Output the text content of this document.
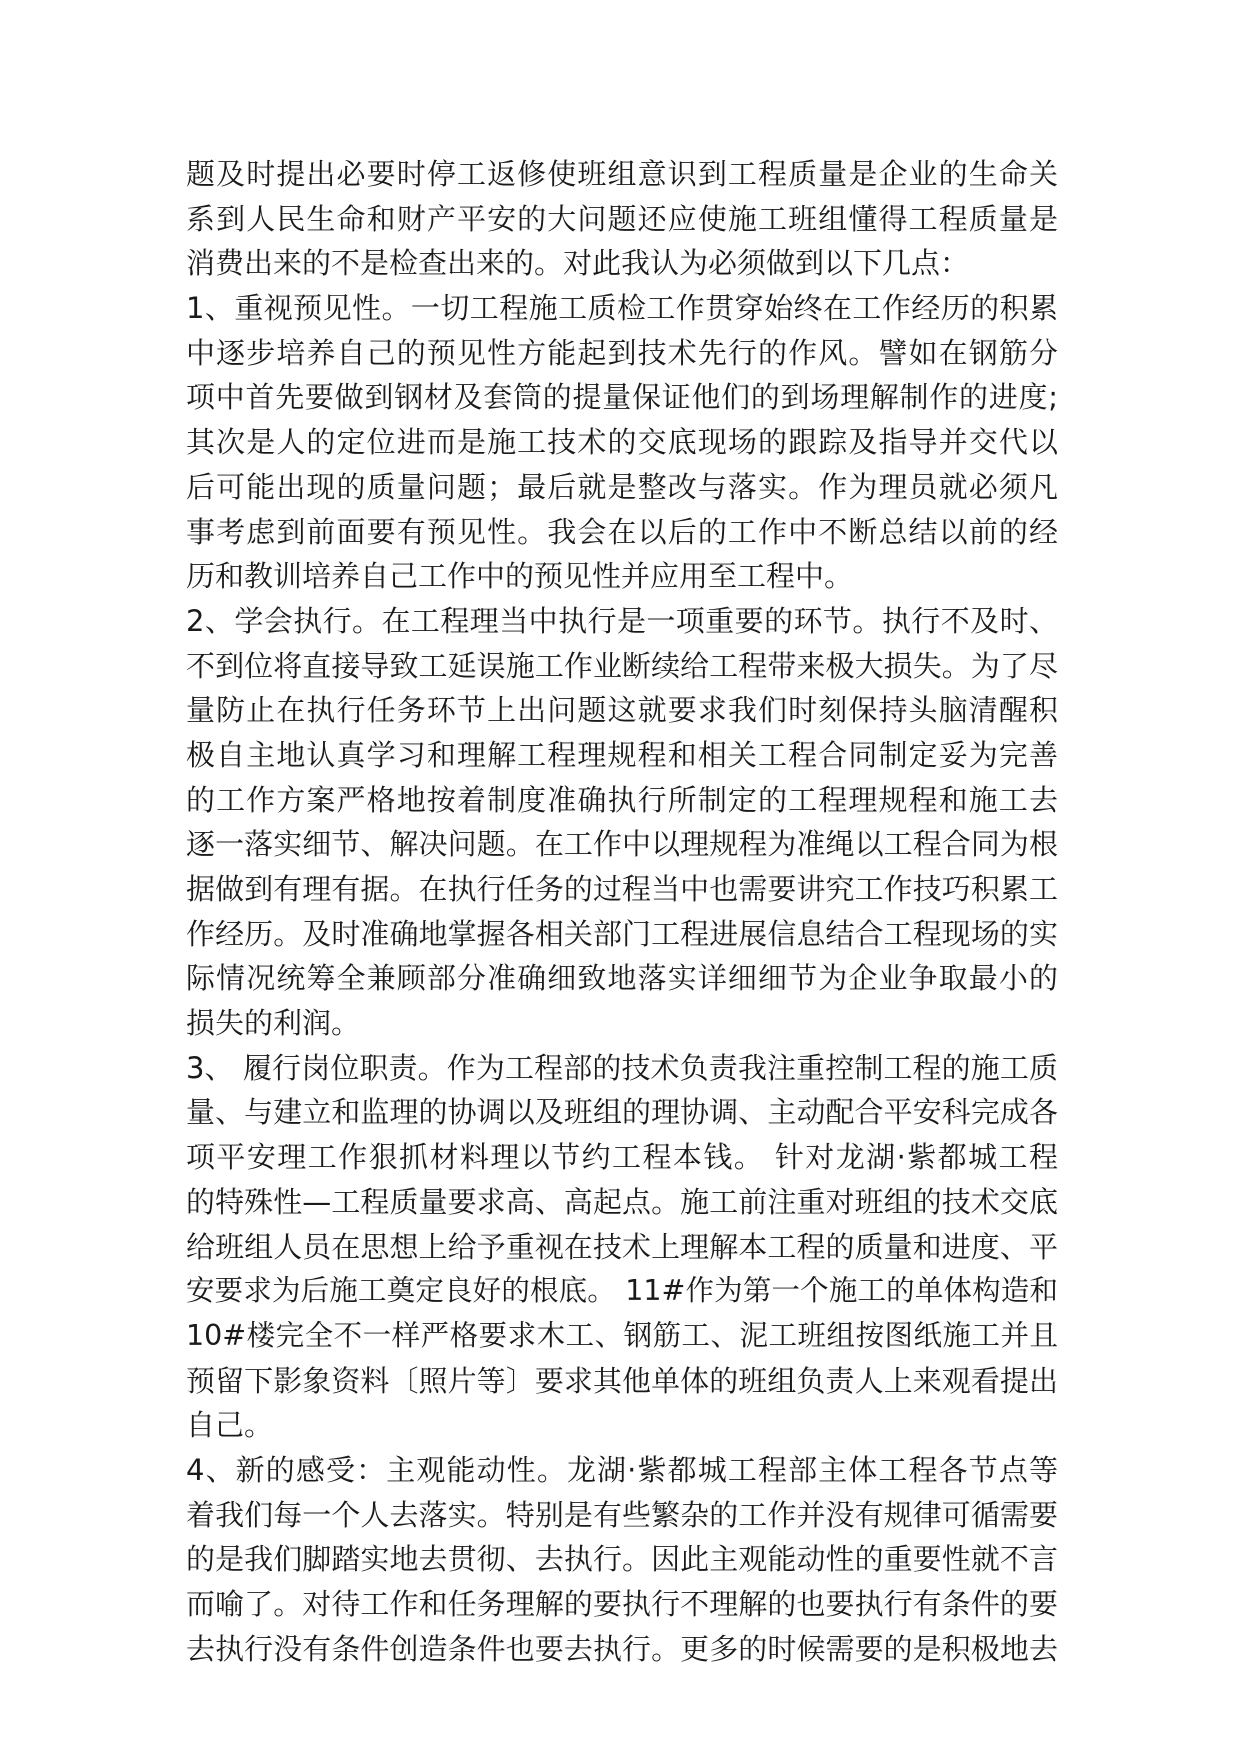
题及时提出必要时停工返修使班组意识到工程质量是企业的生命关
系到人民生命和财产平安的大问题还应使施工班组懂得工程质量是
消费出来的不是检查出来的。对此我认为必须做到以下几点：
1、重视预见性。一切工程施工质检工作贯穿始终在工作经历的积累
中逐步培养自己的预见性方能起到技术先行的作风。譬如在钢筋分
项中首先要做到钢材及套筒的提量保证他们的到场理解制作的进度;
其次是人的定位进而是施工技术的交底现场的跟踪及指导并交代以
后可能出现的质量问题；最后就是整改与落实。作为理员就必须凡
事考虑到前面要有预见性。我会在以后的工作中不断总结以前的经
历和教训培养自己工作中的预见性并应用至工程中。
2、学会执行。在工程理当中执行是一项重要的环节。执行不及时、
不到位将直接导致工延误施工作业断续给工程带来极大损失。为了尽
量防止在执行任务环节上出问题这就要求我们时刻保持头脑清醒积
极自主地认真学习和理解工程理规程和相关工程合同制定妥为完善
的工作方案严格地按着制度准确执行所制定的工程理规程和施工去
逐一落实细节、解决问题。在工作中以理规程为准绳以工程合同为根
据做到有理有据。在执行任务的过程当中也需要讲究工作技巧积累工
作经历。及时准确地掌握各相关部门工程进展信息结合工程现场的实
际情况统筹全兼顾部分准确细致地落实详细细节为企业争取最小的
损失的利润。
3、 履行岗位职责。作为工程部的技术负责我注重控制工程的施工质
量、与建立和监理的协调以及班组的理协调、主动配合平安科完成各
项平安理工作狠抓材料理以节约工程本钱。 针对龙湖·紫都城工程
的特殊性—工程质量要求高、高起点。施工前注重对班组的技术交底
给班组人员在思想上给予重视在技术上理解本工程的质量和进度、平
安要求为后施工奠定良好的根底。 11#作为第一个施工的单体构造和
10#楼完全不一样严格要求木工、钢筋工、泥工班组按图纸施工并且
预留下影象资料〔照片等〕要求其他单体的班组负责人上来观看提出
自己。
4、新的感受：主观能动性。龙湖·紫都城工程部主体工程各节点等
着我们每一个人去落实。特别是有些繁杂的工作并没有规律可循需要
的是我们脚踏实地去贯彻、去执行。因此主观能动性的重要性就不言
而喻了。对待工作和任务理解的要执行不理解的也要执行有条件的要
去执行没有条件创造条件也要去执行。更多的时候需要的是积极地去
